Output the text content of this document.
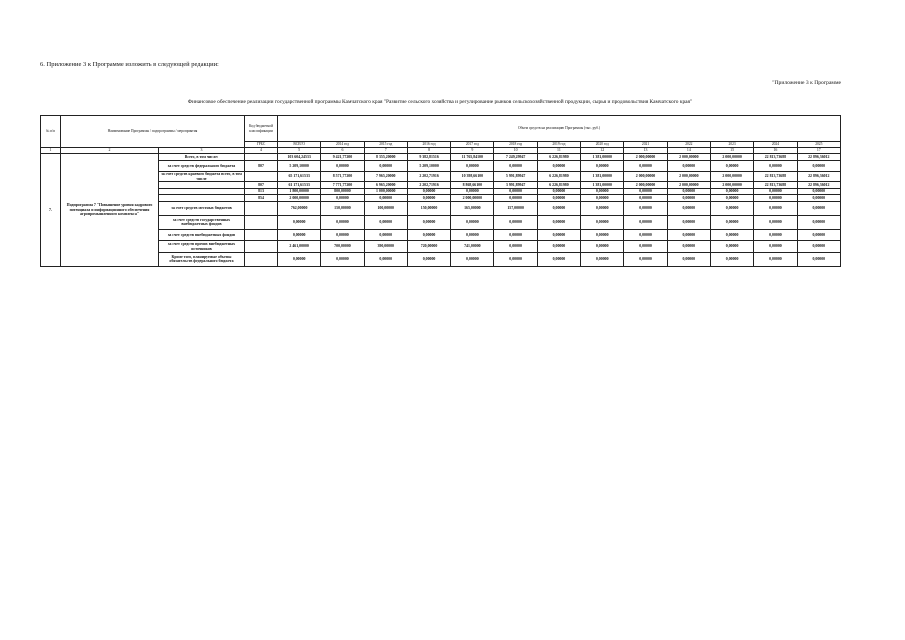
6. Приложение 3 к Программе изложить в следующей редакции:
"Приложение 3 к Программе
Финансовое обеспечение реализации государственной программы Камчатского края "Развитие сельского хозяйства и регулирование рынков сельскохозяйственной продукции, сырья и продовольствия Камчатского края"
№ п/п	Наименование Программы / подпрограммы / мероприятия		Код бюджетной классификации	Объем средств на реализацию Программы (тыс. руб.)												
			ГРБС	ВСЕГО	2014 год	2015 год	2016 год	2017 год	2018 год	2019 год	2020 год	2021	2022	2023	2024	2025
1	2	3	4	5	6	7	8	9	10	11	12	13	14	15	16	17
7.	Подпрограмма 7 "Повышение уровня кадрового потенциала и информационного обеспечения агропромышленного комплекса"	Всего, в том числе:		103 604,24533	9 421,77200	8 355,20000	9 382,81516	11 765,84100	7 249,29947	6 226,81980	1 381,00000	2 000,00000	2 000,00000	2 000,00000	22 813,73688	22 896,36012
		за счет средств федерального бюджета	807	5 209,10000	0,00000	0,00000	5 209,10000	0,00000	0,00000	0,00000	0,00000	0,00000	0,00000	0,00000	0,00000	0,00000
		за счет средств краевого бюджета всего, в том числе		65 171,61533	8 571,77200	7 965,20000	2 202,71916	10 398,66100	5 991,89947	6 226,81980	1 381,00000	2 000,00000	2 000,00000	2 000,00000	22 813,73688	22 896,36012
			807	61 171,61533	7 771,77200	6 965,20000	2 202,71916	8 868,66100	3 991,89947	6 226,81980	1 381,00000	2 000,00000	2 000,00000	2 000,00000	22 813,73688	22 896,36012
			813	1 800,00000	800,00000	1 000,00000	0,00000	0,00000	0,00000	0,00000	0,00000	0,00000	0,00000	0,00000	0,00000	0,00000
			854	2 000,00000	0,00000	0,00000	0,00000	2 000,00000	0,00000	0,00000	0,00000	0,00000	0,00000	0,00000	0,00000	0,00000
		за счет средств местных бюджетов		762,00000	150,00000	100,00000	150,00000	165,00000	157,00000	0,00000	0,00000	0,00000	0,00000	0,00000	0,00000	0,00000
		за счет средств государственных внебюджетных фондов		0,00000	0,00000	0,00000	0,00000	0,00000	0,00000	0,00000	0,00000	0,00000	0,00000	0,00000	0,00000	0,00000
		за счет средств внебюджетных фондов		0,00000	0,00000	0,00000	0,00000	0,00000	0,00000	0,00000	0,00000	0,00000	0,00000	0,00000	0,00000	0,00000
		за счет средств прочих внебюджетных источников		2 461,00000	700,00000	390,00000	720,00000	741,00000	0,00000	0,00000	0,00000	0,00000	0,00000	0,00000	0,00000	0,00000
		Кроме того, планируемые объемы обязательств федерального бюджета		0,00000	0,00000	0,00000	0,00000	0,00000	0,00000	0,00000	0,00000	0,00000	0,00000	0,00000	0,00000	0,00000
